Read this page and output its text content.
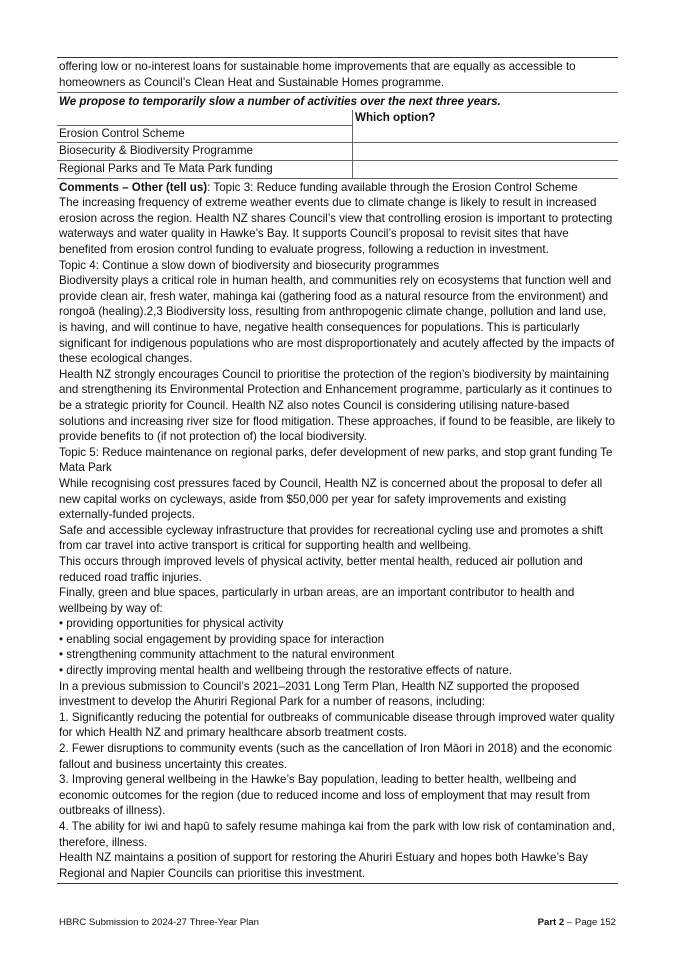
offering low or no-interest loans for sustainable home improvements that are equally as accessible to homeowners as Council’s Clean Heat and Sustainable Homes programme.
We propose to temporarily slow a number of activities over the next three years.
	Which option?
Erosion Control Scheme	
Biosecurity & Biodiversity Programme	
Regional Parks and Te Mata Park funding	

Comments – Other (tell us): Topic 3: Reduce funding available through the Erosion Control Scheme

The increasing frequency of extreme weather events due to climate change is likely to result in increased erosion across the region. Health NZ shares Council’s view that controlling erosion is important to protecting waterways and water quality in Hawke’s Bay. It supports Council’s proposal to revisit sites that have benefited from erosion control funding to evaluate progress, following a reduction in investment.

Topic 4: Continue a slow down of biodiversity and biosecurity programmes

Biodiversity plays a critical role in human health, and communities rely on ecosystems that function well and provide clean air, fresh water, mahinga kai (gathering food as a natural resource from the environment) and rongoā (healing).2,3 Biodiversity loss, resulting from anthropogenic climate change, pollution and land use, is having, and will continue to have, negative health consequences for populations. This is particularly significant for indigenous populations who are most disproportionately and acutely affected by the impacts of these ecological changes.

Health NZ strongly encourages Council to prioritise the protection of the region’s biodiversity by maintaining and strengthening its Environmental Protection and Enhancement programme, particularly as it continues to be a strategic priority for Council. Health NZ also notes Council is considering utilising nature-based solutions and increasing river size for flood mitigation. These approaches, if found to be feasible, are likely to provide benefits to (if not protection of) the local biodiversity.

Topic 5: Reduce maintenance on regional parks, defer development of new parks, and stop grant funding Te Mata Park

While recognising cost pressures faced by Council, Health NZ is concerned about the proposal to defer all new capital works on cycleways, aside from $50,000 per year for safety improvements and existing externally-funded projects.

Safe and accessible cycleway infrastructure that provides for recreational cycling use and promotes a shift from car travel into active transport is critical for supporting health and wellbeing.

This occurs through improved levels of physical activity, better mental health, reduced air pollution and reduced road traffic injuries.

Finally, green and blue spaces, particularly in urban areas, are an important contributor to health and wellbeing by way of:

• providing opportunities for physical activity

• enabling social engagement by providing space for interaction

• strengthening community attachment to the natural environment

• directly improving mental health and wellbeing through the restorative effects of nature.

In a previous submission to Council’s 2021–2031 Long Term Plan, Health NZ supported the proposed investment to develop the Ahuriri Regional Park for a number of reasons, including:

1. Significantly reducing the potential for outbreaks of communicable disease through improved water quality for which Health NZ and primary healthcare absorb treatment costs.

2. Fewer disruptions to community events (such as the cancellation of Iron Māori in 2018) and the economic fallout and business uncertainty this creates.

3. Improving general wellbeing in the Hawke’s Bay population, leading to better health, wellbeing and economic outcomes for the region (due to reduced income and loss of employment that may result from outbreaks of illness).

4. The ability for iwi and hapū to safely resume mahinga kai from the park with low risk of contamination and, therefore, illness.

Health NZ maintains a position of support for restoring the Ahuriri Estuary and hopes both Hawke’s Bay Regional and Napier Councils can prioritise this investment.

HBRC Submission to 2024-27 Three-Year Plan	Part 2 – Page 152
